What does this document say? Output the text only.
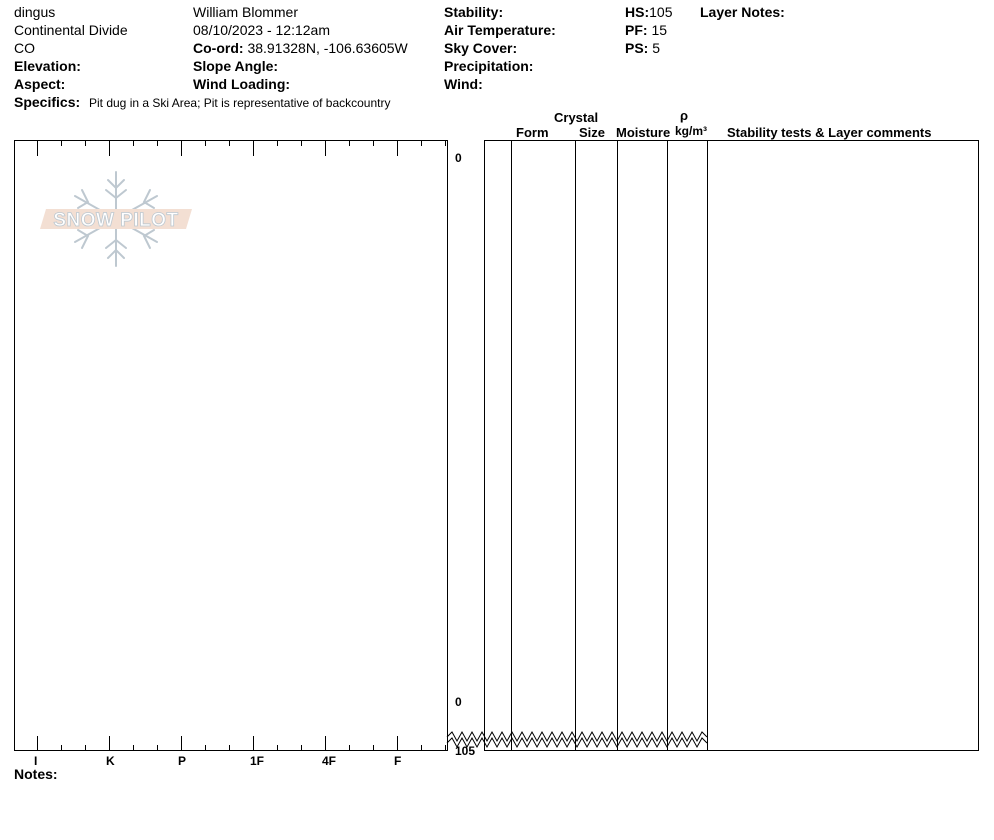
dingus
Continental Divide
CO
Elevation:
Aspect:
Specifics: Pit dug in a Ski Area; Pit is representative of backcountry
William Blommer
08/10/2023 - 12:12am
Co-ord: 38.91328N, -106.63605W
Slope Angle:
Wind Loading:
Stability:
Air Temperature:
Sky Cover:
Precipitation:
Wind:
HS:105
PF: 15
PS: 5
Layer Notes:
Crystal
Form Size Moisture
ρ
kg/m³ Stability tests & Layer comments
0
0
105
I	K	P	1F	4F	F
Notes:
SNOW PILOT
